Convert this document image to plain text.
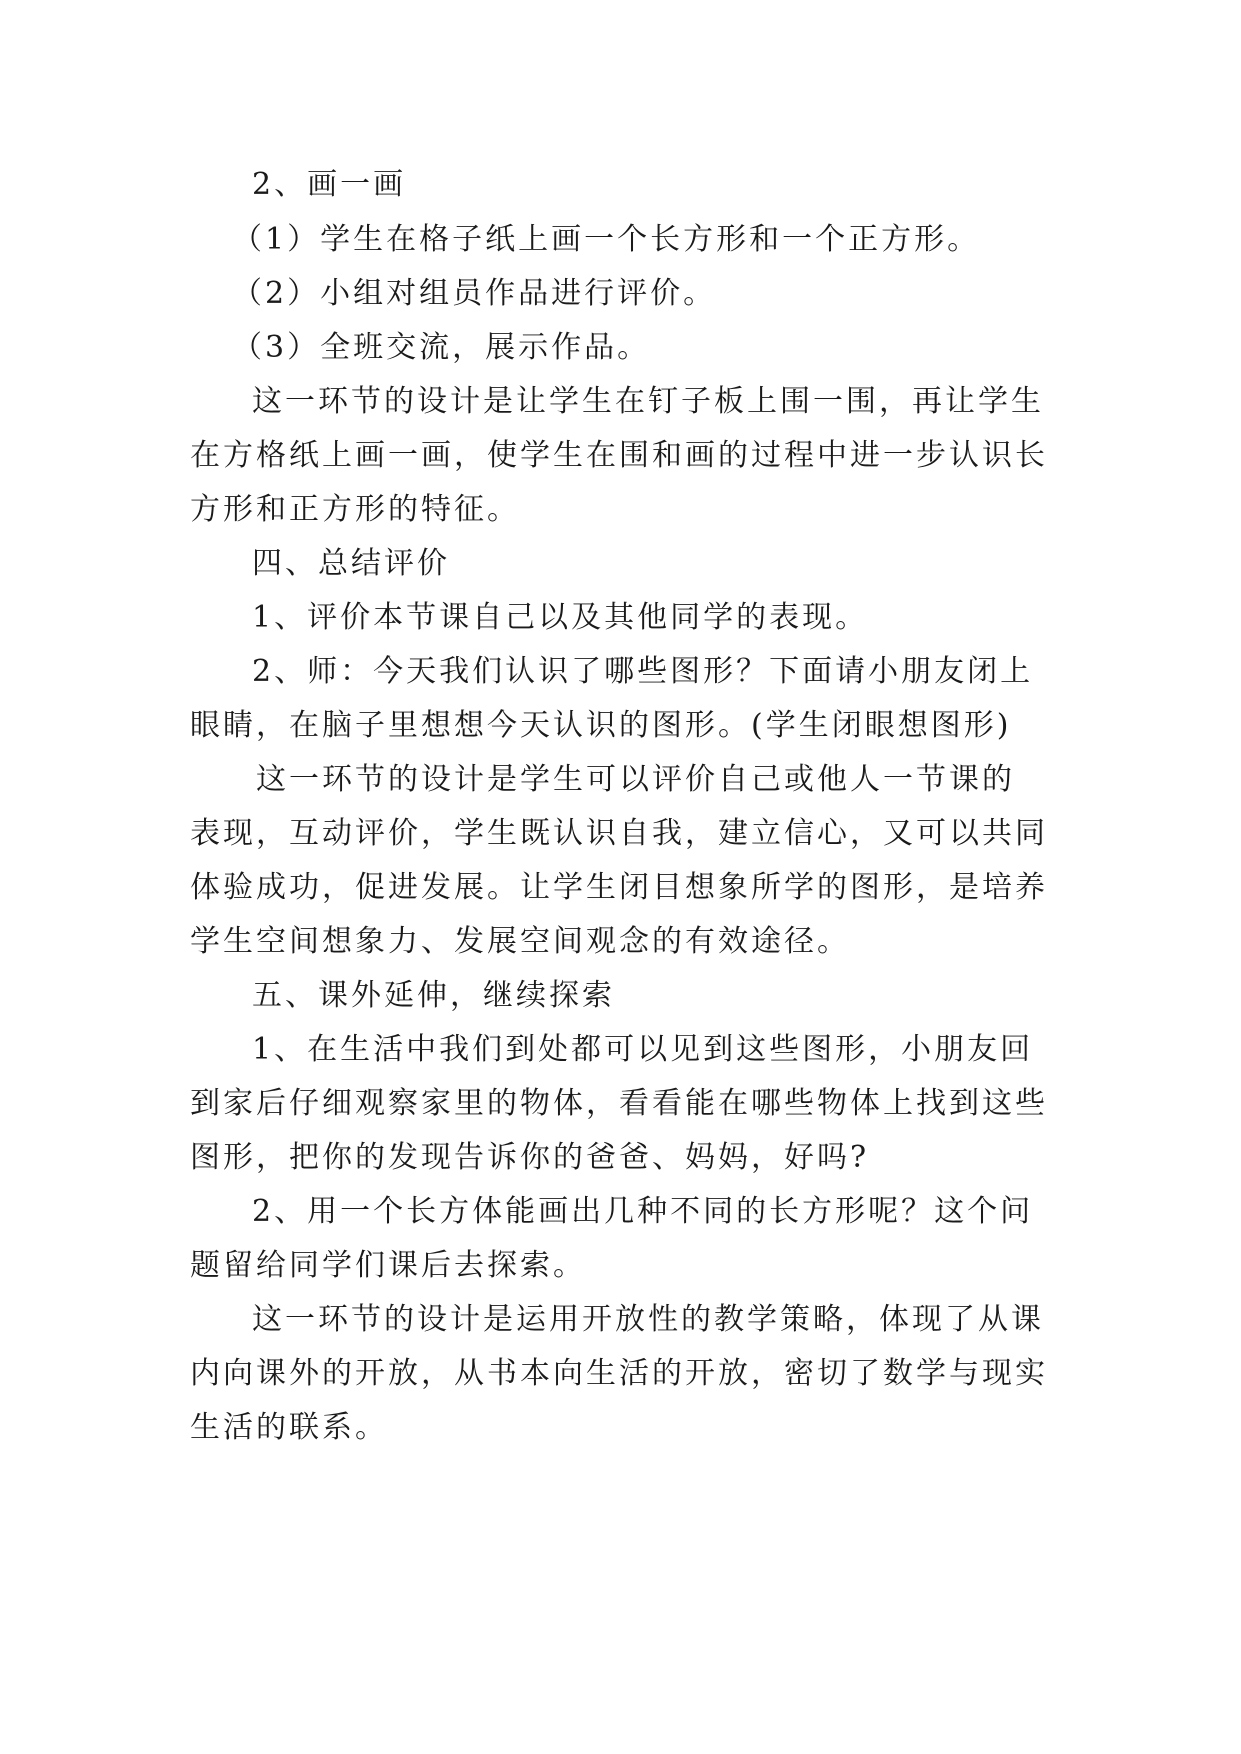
2、画一画
（1）学生在格子纸上画一个长方形和一个正方形。
（2）小组对组员作品进行评价。
（3）全班交流，展示作品。
这一环节的设计是让学生在钉子板上围一围，再让学生
在方格纸上画一画，使学生在围和画的过程中进一步认识长
方形和正方形的特征。
四、总结评价
1、评价本节课自己以及其他同学的表现。
2、师：今天我们认识了哪些图形？下面请小朋友闭上
眼睛，在脑子里想想今天认识的图形。(学生闭眼想图形)
这一环节的设计是学生可以评价自己或他人一节课的
表现，互动评价，学生既认识自我，建立信心，又可以共同
体验成功，促进发展。让学生闭目想象所学的图形，是培养
学生空间想象力、发展空间观念的有效途径。
五、课外延伸，继续探索
1、在生活中我们到处都可以见到这些图形，小朋友回
到家后仔细观察家里的物体，看看能在哪些物体上找到这些
图形，把你的发现告诉你的爸爸、妈妈，好吗?
2、用一个长方体能画出几种不同的长方形呢？这个问
题留给同学们课后去探索。
这一环节的设计是运用开放性的教学策略，体现了从课
内向课外的开放，从书本向生活的开放，密切了数学与现实
生活的联系。
